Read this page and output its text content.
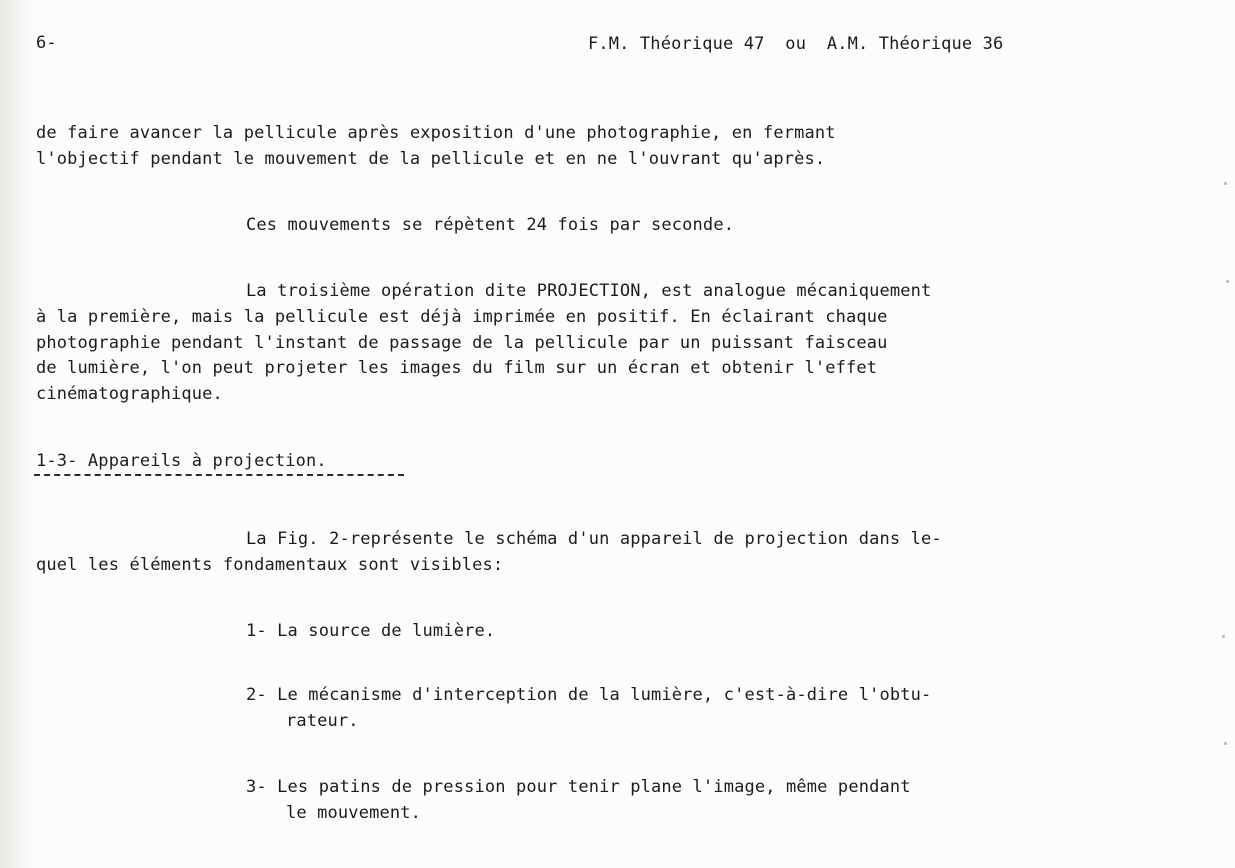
6-	F.M. Théorique 47  ou  A.M. Théorique 36

de faire avancer la pellicule après exposition d'une photographie, en fermant

l'objectif pendant le mouvement de la pellicule et en ne l'ouvrant qu'après.

Ces mouvements se répètent 24 fois par seconde.

La troisième opération dite PROJECTION, est analogue mécaniquement

à la première, mais la pellicule est déjà imprimée en positif. En éclairant chaque

photographie pendant l'instant de passage de la pellicule par un puissant faisceau

de lumière, l'on peut projeter les images du film sur un écran et obtenir l'effet

cinématographique.

1-3- Appareils à projection.

La Fig. 2-représente le schéma d'un appareil de projection dans le-

quel les éléments fondamentaux sont visibles:

1- La source de lumière.

2- Le mécanisme d'interception de la lumière, c'est-à-dire l'obtu-

rateur.

3- Les patins de pression pour tenir plane l'image, même pendant

le mouvement.
